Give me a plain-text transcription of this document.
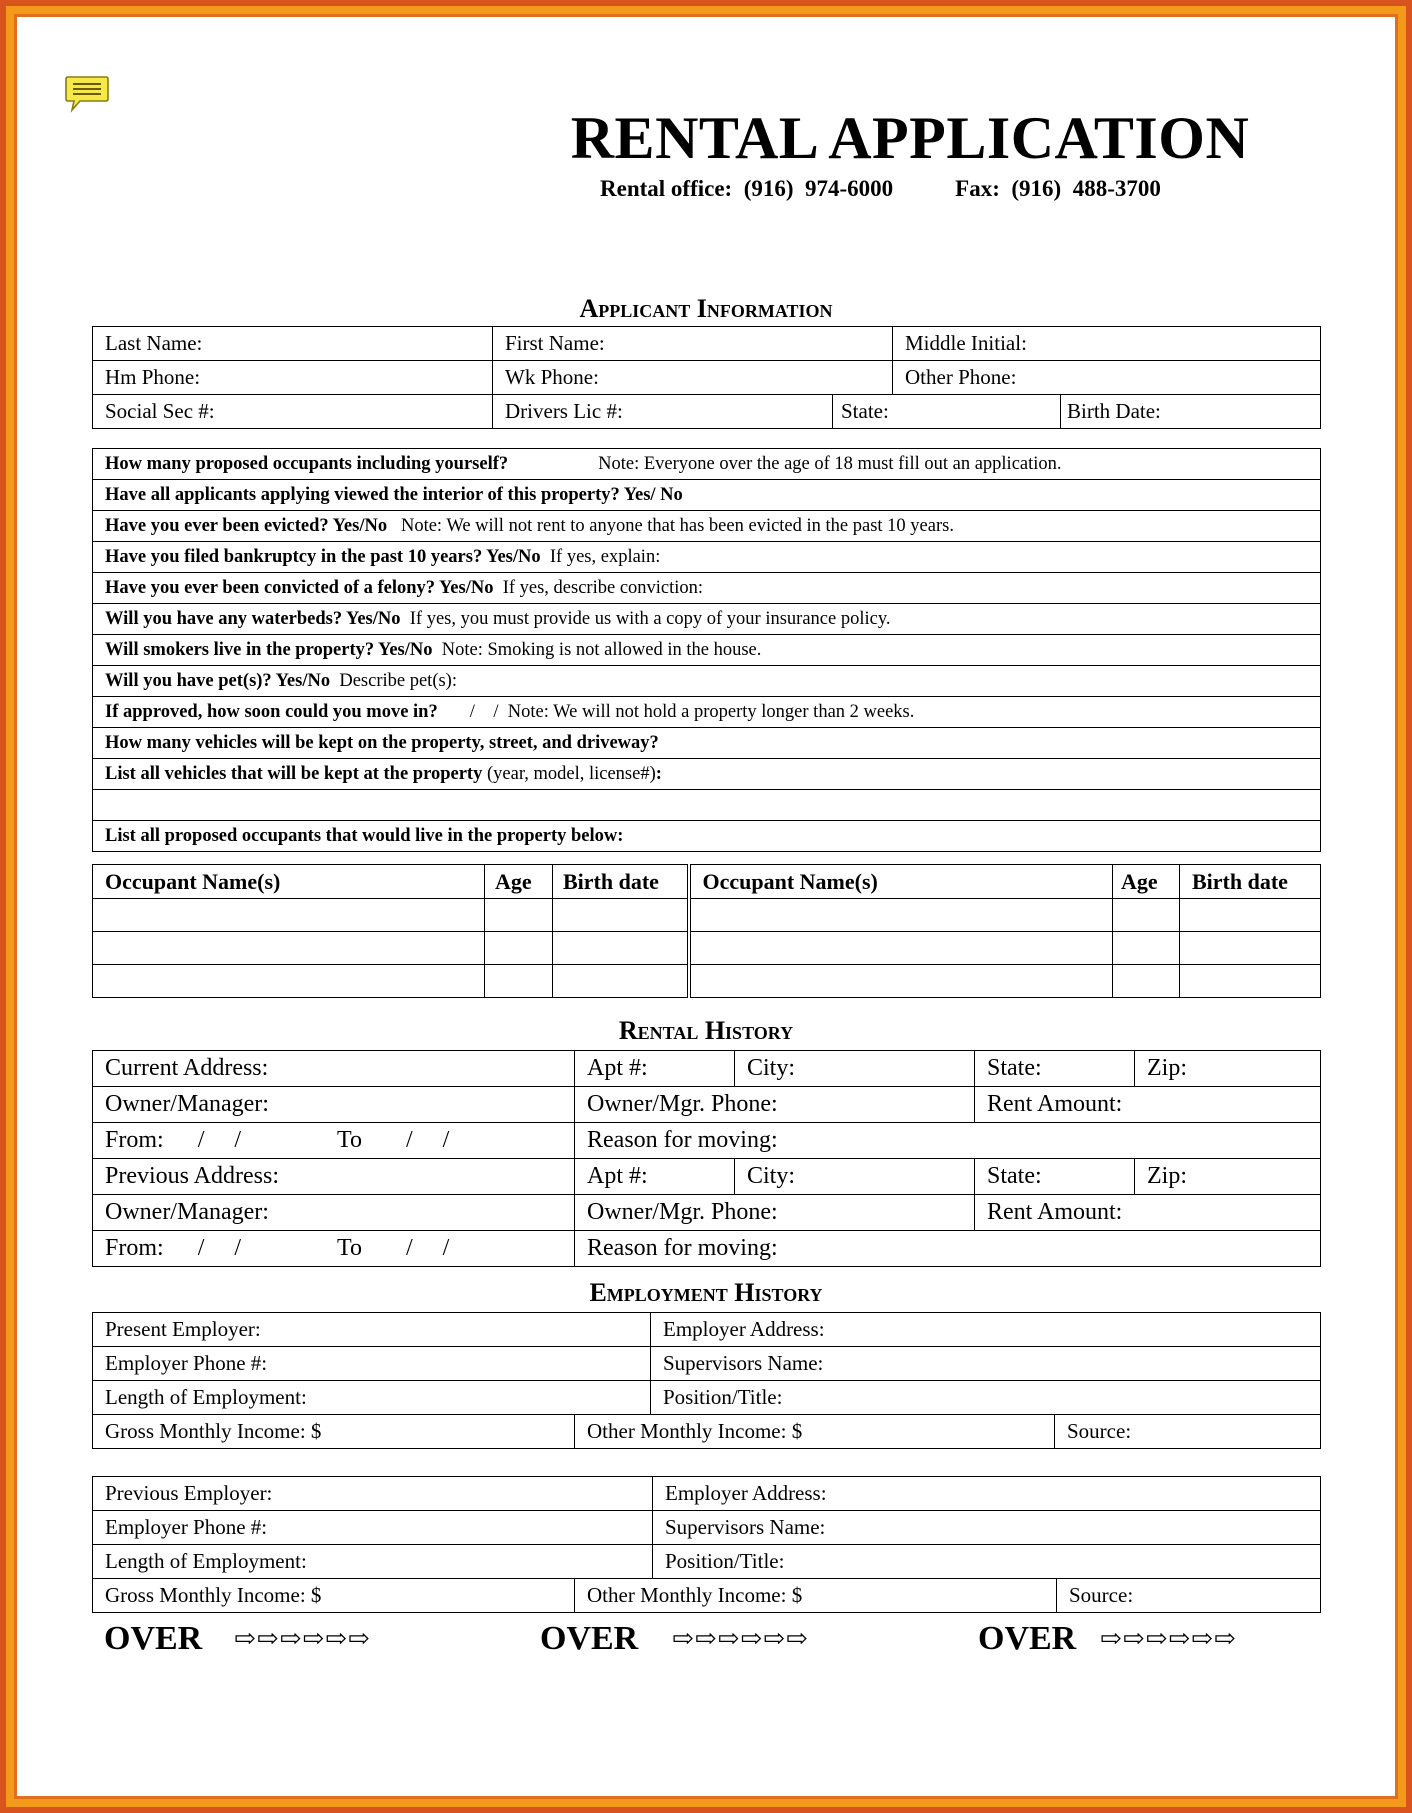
RENTAL APPLICATION
Rental office:  (916)  974-6000	Fax:  (916)  488-3700
Applicant Information
Last Name:	First Name:		Middle Initial:	
Hm Phone:	Wk Phone:		Other Phone:	
Social Sec #:	Drivers Lic #:	State:		Birth Date:
How many proposed occupants including yourself?	Note: Everyone over the age of 18 must fill out an application.
Have all applicants applying viewed the interior of this property? Yes/ No
Have you ever been evicted? Yes/No Note: We will not rent to anyone that has been evicted in the past 10 years.
Have you filed bankruptcy in the past 10 years? Yes/No If yes, explain:
Have you ever been convicted of a felony? Yes/No If yes, describe conviction:
Will you have any waterbeds? Yes/No If yes, you must provide us with a copy of your insurance policy.
Will smokers live in the property? Yes/No Note: Smoking is not allowed in the house.
Will you have pet(s)? Yes/No Describe pet(s):
If approved, how soon could you move in? /    / Note: We will not hold a property longer than 2 weeks.
How many vehicles will be kept on the property, street, and driveway?
List all vehicles that will be kept at the property (year, model, license#):

List all proposed occupants that would live in the property below:
Occupant Name(s)	Age	Birth date	Occupant Name(s)	Age	Birth date

Rental History
Current Address:	Apt #:	City:	State:	Zip:
Owner/Manager:	Owner/Mgr. Phone:		Rent Amount:	
From: /     / To /     /	Reason for moving:			
Previous Address:	Apt #:	City:	State:	Zip:
Owner/Manager:	Owner/Mgr. Phone:		Rent Amount:	
From: /     / To /     /	Reason for moving:			
Employment History
Present Employer:		Employer Address:	
Employer Phone #:		Supervisors Name:	
Length of Employment:		Position/Title:	
Gross Monthly Income: $	Other Monthly Income: $		Source:
Previous Employer:		Employer Address:	
Employer Phone #:		Supervisors Name:	
Length of Employment:		Position/Title:	
Gross Monthly Income: $	Other Monthly Income: $		Source:
OVER ⇨⇨⇨⇨⇨⇨	OVER ⇨⇨⇨⇨⇨⇨	OVER ⇨⇨⇨⇨⇨⇨
